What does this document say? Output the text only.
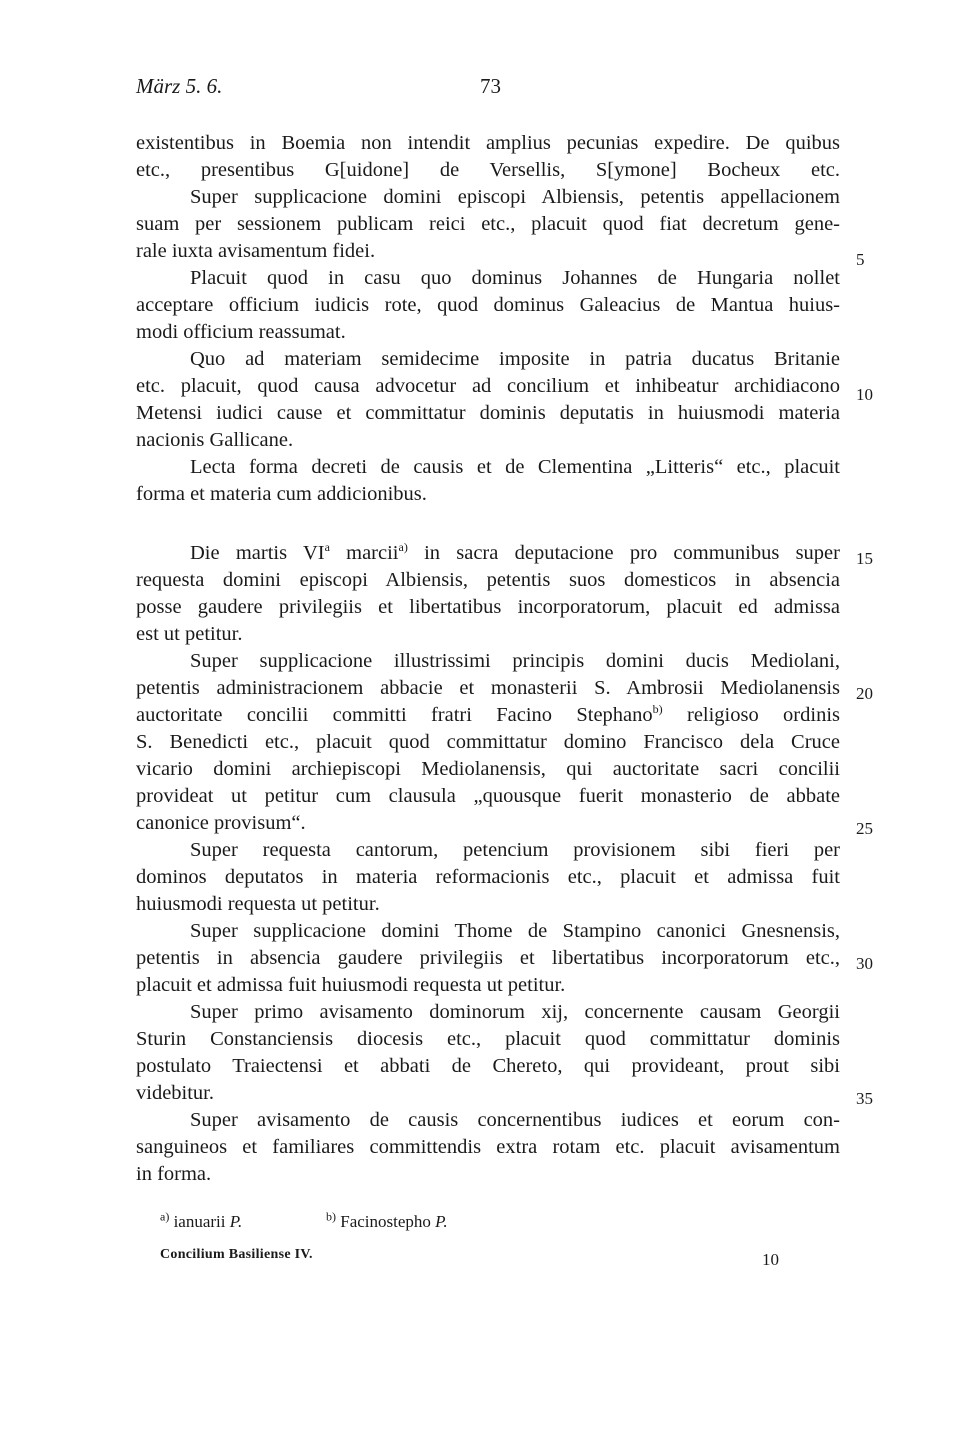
März 5. 6.	73
existentibus in Boemia non intendit amplius pecunias expedire. De quibus
etc., presentibus G[uidone] de Versellis, S[ymone] Bocheux etc.
Super supplicacione domini episcopi Albiensis, petentis appellacionem
suam per sessionem publicam reici etc., placuit quod fiat decretum gene-
rale iuxta avisamentum fidei.
Placuit quod in casu quo dominus Johannes de Hungaria nollet
acceptare officium iudicis rote, quod dominus Galeacius de Mantua huius-
modi officium reassumat.
Quo ad materiam semidecime imposite in patria ducatus Britanie
etc. placuit, quod causa advocetur ad concilium et inhibeatur archidiacono
Metensi iudici cause et committatur dominis deputatis in huiusmodi materia
nacionis Gallicane.
Lecta forma decreti de causis et de Clementina „Litteris“ etc., placuit
forma et materia cum addicionibus.
Die martis $VI^a$ marcii$^{a)}$ in sacra deputacione pro communibus super
requesta domini episcopi Albiensis, petentis suos domesticos in absencia
posse gaudere privilegiis et libertatibus incorporatorum, placuit ed admissa
est ut petitur.
Super supplicacione illustrissimi principis domini ducis Mediolani,
petentis administracionem abbacie et monasterii S. Ambrosii Mediolanensis
auctoritate concilii committi fratri Facino Stephano$^{b)}$ religioso ordinis
S. Benedicti etc., placuit quod committatur domino Francisco dela Cruce
vicario domini archiepiscopi Mediolanensis, qui auctoritate sacri concilii
provideat ut petitur cum clausula „quousque fuerit monasterio de abbate
canonice provisum“.
Super requesta cantorum, petencium provisionem sibi fieri per
dominos deputatos in materia reformacionis etc., placuit et admissa fuit
huiusmodi requesta ut petitur.
Super supplicacione domini Thome de Stampino canonici Gnesnensis,
petentis in absencia gaudere privilegiis et libertatibus incorporatorum etc.,
placuit et admissa fuit huiusmodi requesta ut petitur.
Super primo avisamento dominorum xij, concernente causam Georgii
Sturin Constanciensis diocesis etc., placuit quod committatur dominis
postulato Traiectensi et abbati de Chereto, qui provideant, prout sibi
videbitur.
Super avisamento de causis concernentibus iudices et eorum con-
sanguineos et familiares committendis extra rotam etc. placuit avisamentum
in forma.
5
10
15
20
25
30
35
$^{a)}$ ianuarii P.	$^{b)}$ Facinostepho P.
Concilium Basiliense IV.	10
